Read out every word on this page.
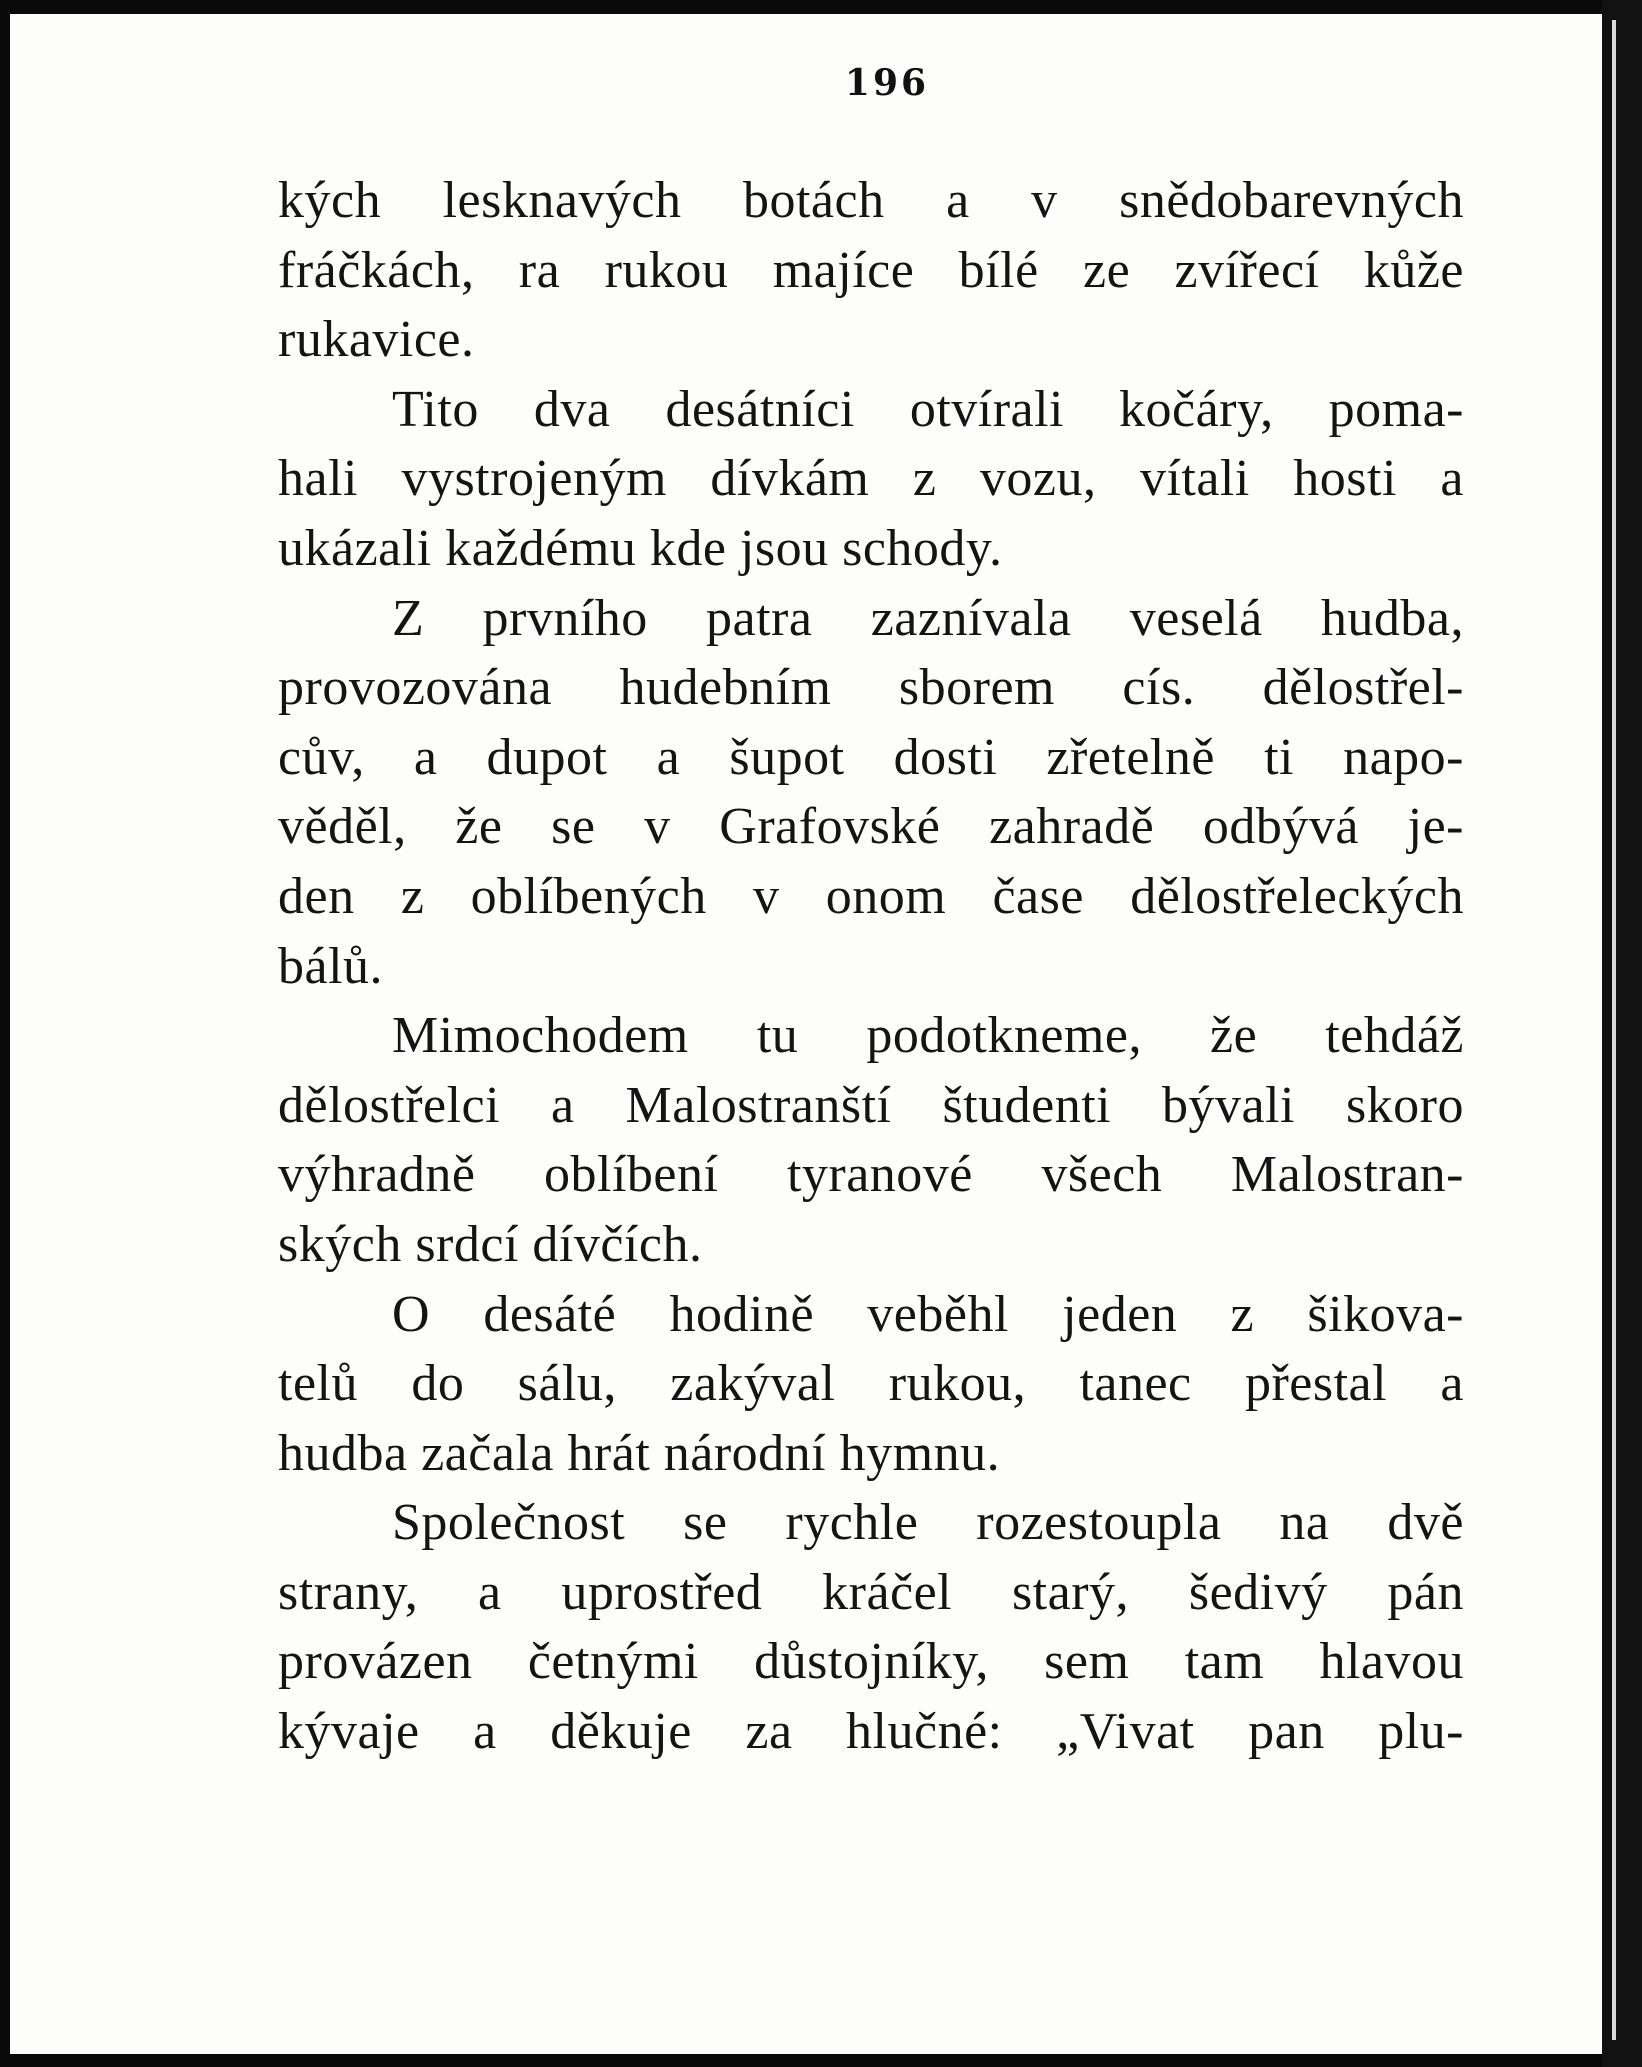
196
kých lesknavých botách a v snědobarevných
fráčkách, ra rukou majíce bílé ze zvířecí kůže
rukavice.
Tito dva desátníci otvírali kočáry, poma-
hali vystrojeným dívkám z vozu, vítali hosti a
ukázali každému kde jsou schody.
Z prvního patra zaznívala veselá hudba,
provozována hudebním sborem cís. dělostřel-
cův, a dupot a šupot dosti zřetelně ti napo-
věděl, že se v Grafovské zahradě odbývá je-
den z oblíbených v onom čase dělostřeleckých
bálů.
Mimochodem tu podotkneme, že tehdáž
dělostřelci a Malostranští študenti bývali skoro
výhradně oblíbení tyranové všech Malostran-
ských srdcí dívčích.
O desáté hodině veběhl jeden z šikova-
telů do sálu, zakýval rukou, tanec přestal a
hudba začala hrát národní hymnu.
Společnost se rychle rozestoupla na dvě
strany, a uprostřed kráčel starý, šedivý pán
provázen četnými důstojníky, sem tam hlavou
kývaje a děkuje za hlučné: „Vivat pan plu-
